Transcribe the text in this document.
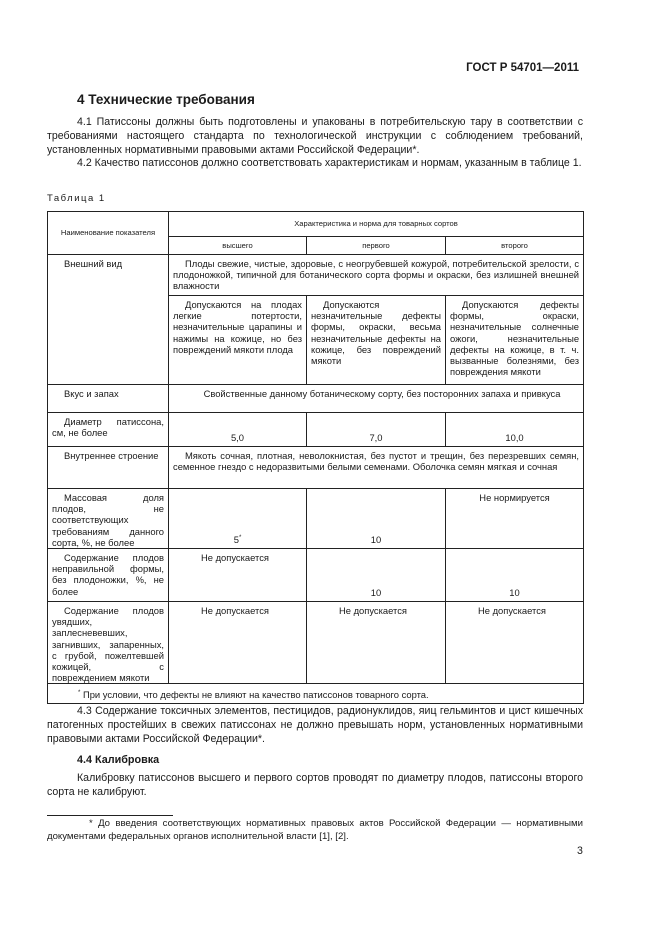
ГОСТ Р 54701—2011
4 Технические требования
4.1 Патиссоны должны быть подготовлены и упакованы в потребительскую тару в соответствии с требованиями настоящего стандарта по технологической инструкции с соблюдением требований, установленных нормативными правовыми актами Российской Федерации*.
4.2 Качество патиссонов должно соответствовать характеристикам и нормам, указанным в таблице 1.
Таблица 1
Наименование показателя	Характеристика и норма для товарных сортов		
	высшего	первого	второго
Внешний вид	Плоды свежие, чистые, здоровые, с неогрубевшей кожурой, потребительской зрелости, с плодоножкой, типичной для ботанического сорта формы и окраски, без излишней внешней влажности		
	Допускаются на плодах легкие потертости, незначительные царапины и нажимы на кожице, но без повреждений мякоти плода	Допускаются незначительные дефекты формы, окраски, весьма незначительные дефекты на кожице, без повреждений мякоти	Допускаются дефекты формы, окраски, незначительные солнечные ожоги, незначительные дефекты на кожице, в т. ч. вызванные болезнями, без повреждения мякоти
Вкус и запах	Свойственные данному ботаническому сорту, без посторонних запаха и привкуса		
Диаметр патиссона, см, не более	5,0	7,0	10,0
Внутреннее строение	Мякоть сочная, плотная, неволокнистая, без пустот и трещин, без перезревших семян, семенное гнездо с недоразвитыми белыми семенами. Оболочка семян мягкая и сочная		
Массовая доля плодов, не соответствующих требованиям данного сорта, %, не более	5*	10	Не нормируется
Содержание плодов неправильной формы, без плодоножки, %, не более	Не допускается	10	10
Содержание плодов увядших, заплесневевших, загнивших, запаренных, с грубой, пожелтевшей кожицей, с повреждением мякоти	Не допускается	Не допускается	Не допускается
* При условии, что дефекты не влияют на качество патиссонов товарного сорта.			
4.3 Содержание токсичных элементов, пестицидов, радионуклидов, яиц гельминтов и цист кишечных патогенных простейших в свежих патиссонах не должно превышать норм, установленных нормативными правовыми актами Российской Федерации*.
4.4 Калибровка
Калибровку патиссонов высшего и первого сортов проводят по диаметру плодов, патиссоны второго сорта не калибруют.
* До введения соответствующих нормативных правовых актов Российской Федерации — нормативными документами федеральных органов исполнительной власти [1], [2].
3
